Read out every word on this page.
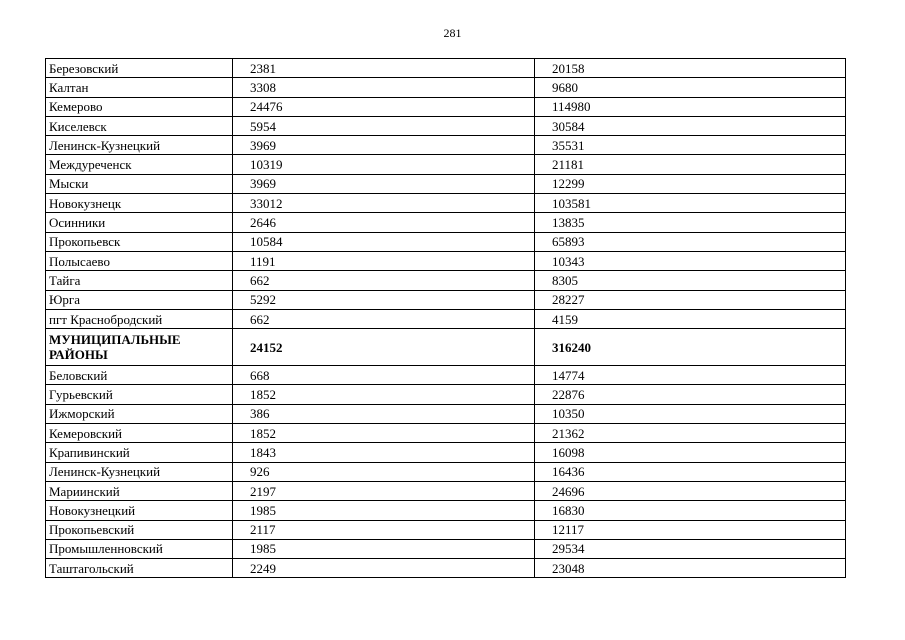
281
Березовский	2381	20158
Калтан	3308	9680
Кемерово	24476	114980
Киселевск	5954	30584
Ленинск-Кузнецкий	3969	35531
Междуреченск	10319	21181
Мыски	3969	12299
Новокузнецк	33012	103581
Осинники	2646	13835
Прокопьевск	10584	65893
Полысаево	1191	10343
Тайга	662	8305
Юрга	5292	28227
пгт Краснобродский	662	4159
МУНИЦИПАЛЬНЫЕ РАЙОНЫ	24152	316240
Беловский	668	14774
Гурьевский	1852	22876
Ижморский	386	10350
Кемеровский	1852	21362
Крапивинский	1843	16098
Ленинск-Кузнецкий	926	16436
Мариинский	2197	24696
Новокузнецкий	1985	16830
Прокопьевский	2117	12117
Промышленновский	1985	29534
Таштагольский	2249	23048
